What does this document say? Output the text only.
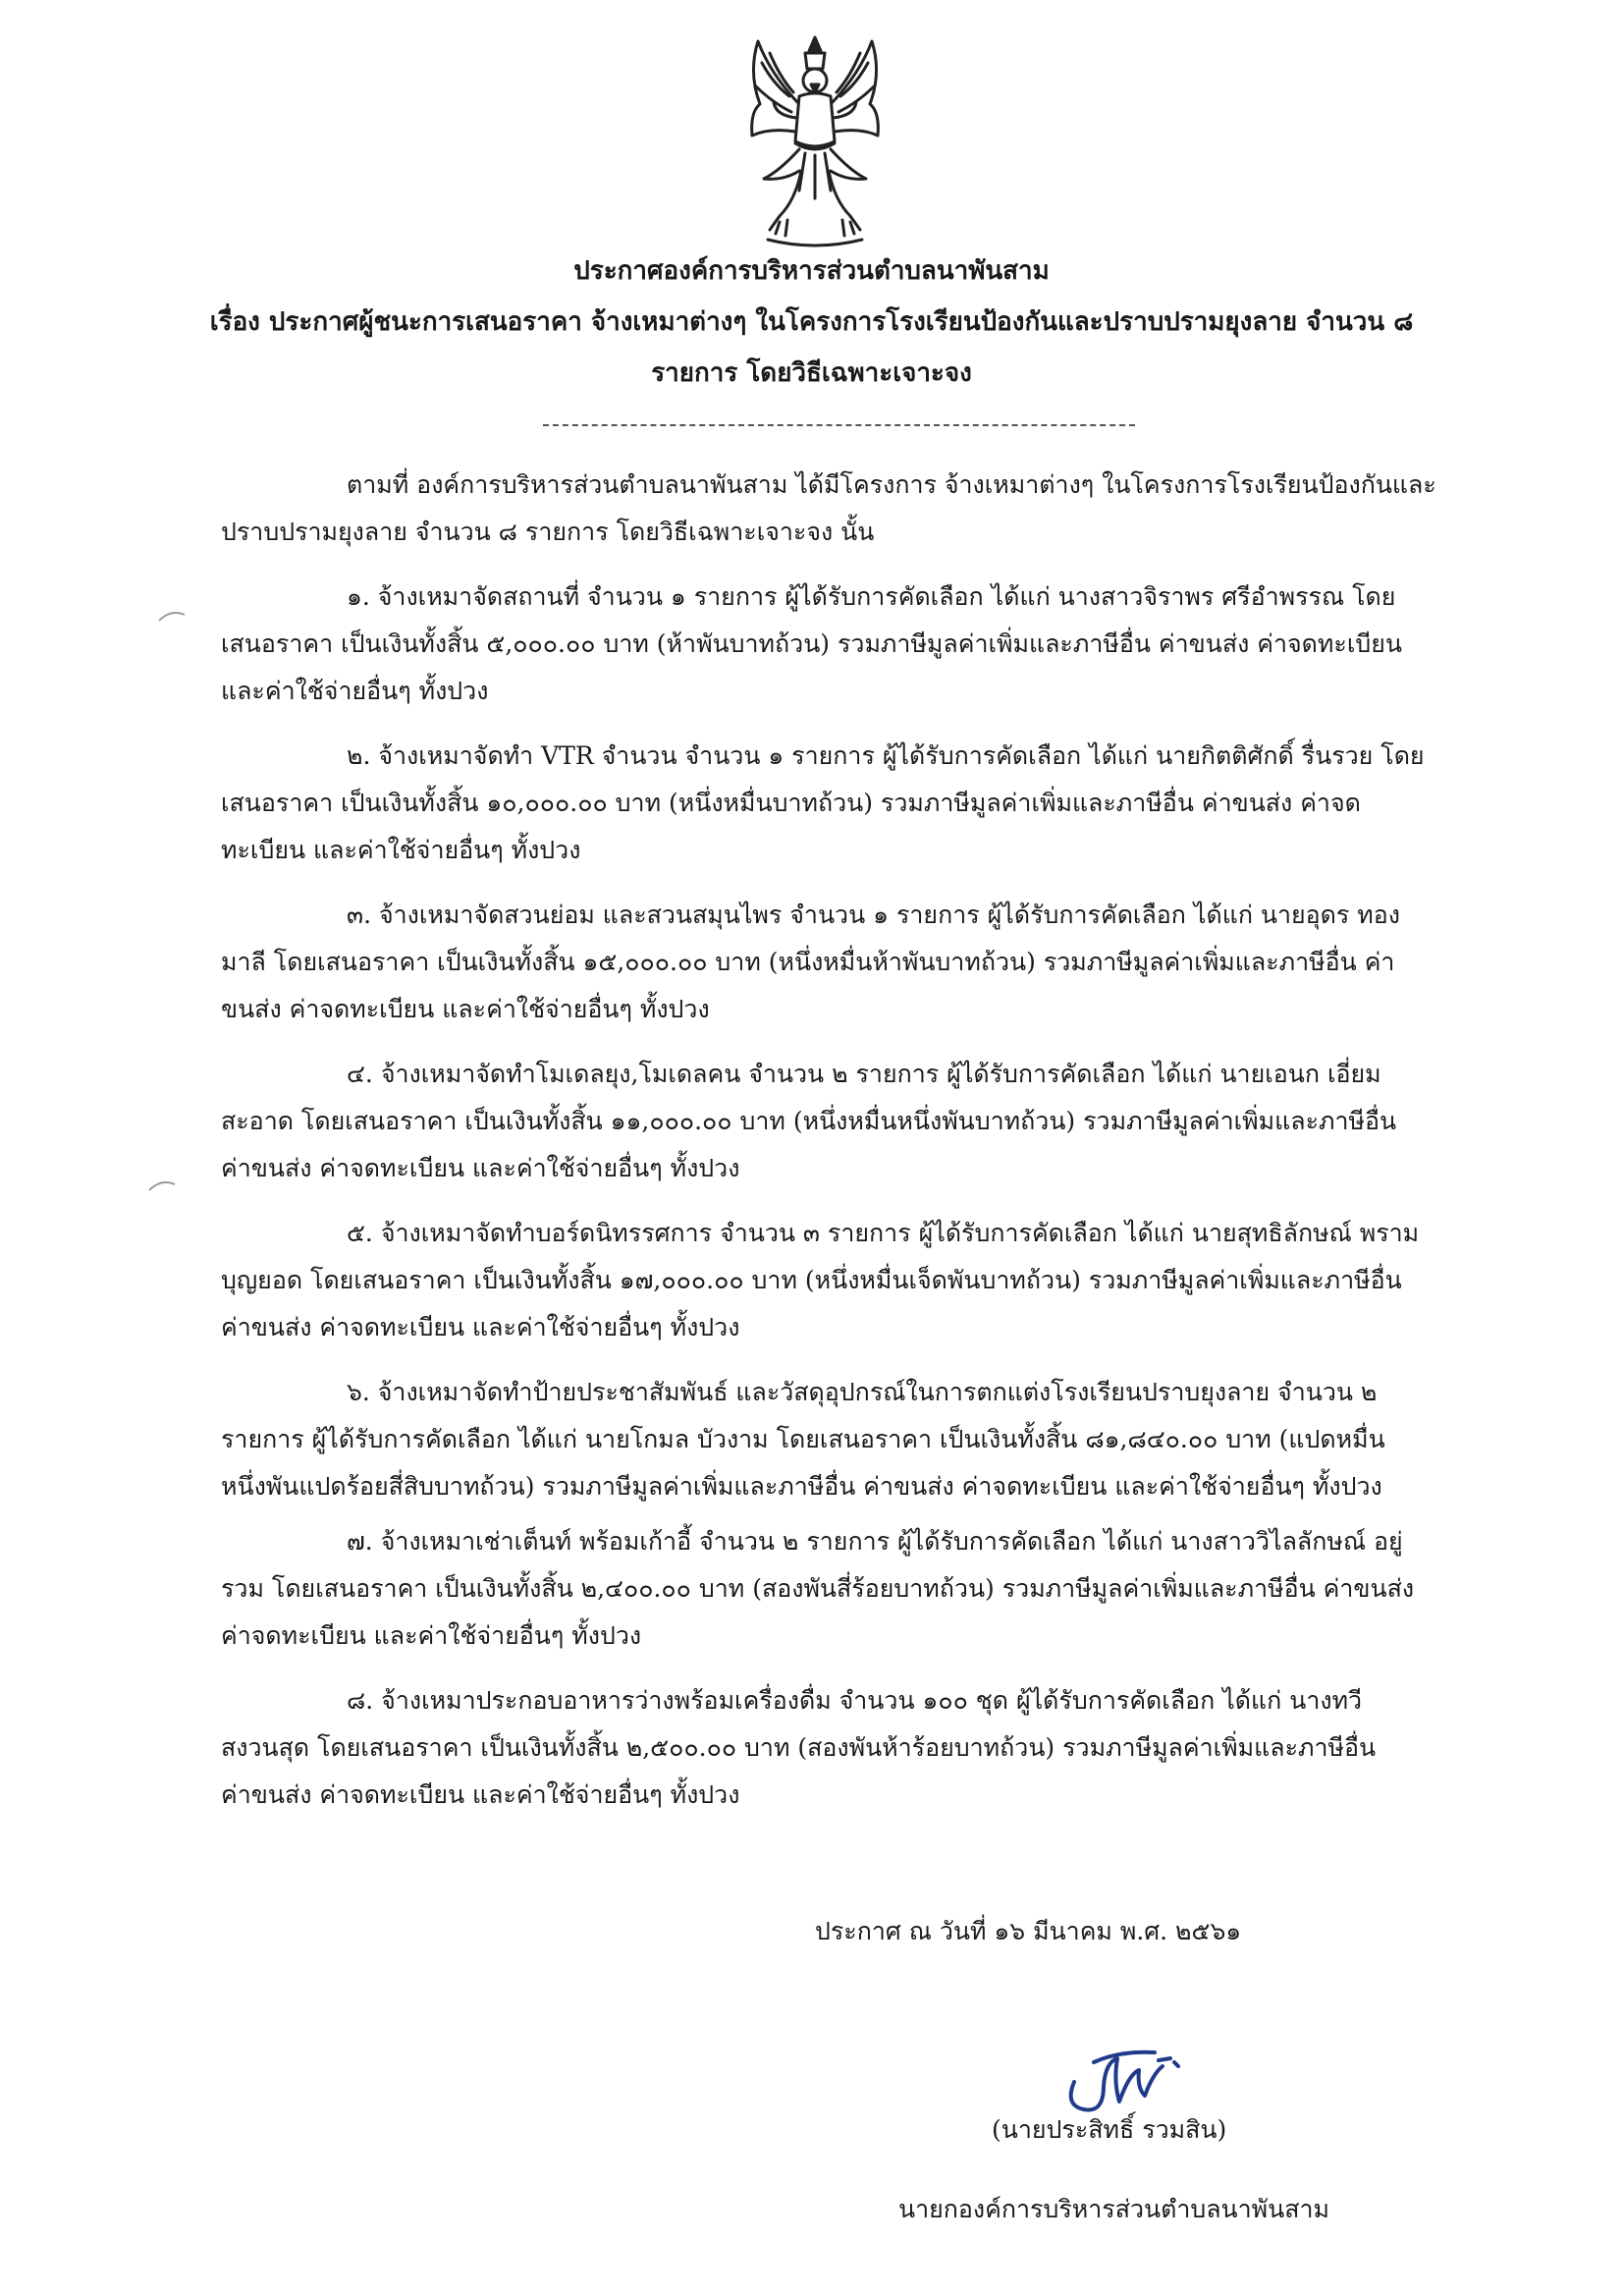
ประกาศองค์การบริหารส่วนตำบลนาพันสาม
เรื่อง ประกาศผู้ชนะการเสนอราคา จ้างเหมาต่างๆ ในโครงการโรงเรียนป้องกันและปราบปรามยุงลาย จำนวน ๘
รายการ โดยวิธีเฉพาะเจาะจง
ตามที่ องค์การบริหารส่วนตำบลนาพันสาม ได้มีโครงการ จ้างเหมาต่างๆ ในโครงการโรงเรียนป้องกันและ
ปราบปรามยุงลาย จำนวน ๘ รายการ โดยวิธีเฉพาะเจาะจง นั้น
๑. จ้างเหมาจัดสถานที่ จำนวน ๑ รายการ ผู้ได้รับการคัดเลือก ได้แก่ นางสาวจิราพร ศรีอำพรรณ โดย
เสนอราคา เป็นเงินทั้งสิ้น ๕,๐๐๐.๐๐ บาท (ห้าพันบาทถ้วน) รวมภาษีมูลค่าเพิ่มและภาษีอื่น ค่าขนส่ง ค่าจดทะเบียน
และค่าใช้จ่ายอื่นๆ ทั้งปวง
๒. จ้างเหมาจัดทำ VTR จำนวน จำนวน ๑ รายการ ผู้ได้รับการคัดเลือก ได้แก่ นายกิตติศักดิ์ รื่นรวย โดย
เสนอราคา เป็นเงินทั้งสิ้น ๑๐,๐๐๐.๐๐ บาท (หนึ่งหมื่นบาทถ้วน) รวมภาษีมูลค่าเพิ่มและภาษีอื่น ค่าขนส่ง ค่าจด
ทะเบียน และค่าใช้จ่ายอื่นๆ ทั้งปวง
๓. จ้างเหมาจัดสวนย่อม และสวนสมุนไพร จำนวน ๑ รายการ ผู้ได้รับการคัดเลือก ได้แก่ นายอุดร ทอง
มาลี โดยเสนอราคา เป็นเงินทั้งสิ้น ๑๕,๐๐๐.๐๐ บาท (หนึ่งหมื่นห้าพันบาทถ้วน) รวมภาษีมูลค่าเพิ่มและภาษีอื่น ค่า
ขนส่ง ค่าจดทะเบียน และค่าใช้จ่ายอื่นๆ ทั้งปวง
๔. จ้างเหมาจัดทำโมเดลยุง,โมเดลคน จำนวน ๒ รายการ ผู้ได้รับการคัดเลือก ได้แก่ นายเอนก เอี่ยม
สะอาด โดยเสนอราคา เป็นเงินทั้งสิ้น ๑๑,๐๐๐.๐๐ บาท (หนึ่งหมื่นหนึ่งพันบาทถ้วน) รวมภาษีมูลค่าเพิ่มและภาษีอื่น
ค่าขนส่ง ค่าจดทะเบียน และค่าใช้จ่ายอื่นๆ ทั้งปวง
๕. จ้างเหมาจัดทำบอร์ดนิทรรศการ จำนวน ๓ รายการ ผู้ได้รับการคัดเลือก ได้แก่ นายสุทธิลักษณ์ พราม
บุญยอด โดยเสนอราคา เป็นเงินทั้งสิ้น ๑๗,๐๐๐.๐๐ บาท (หนึ่งหมื่นเจ็ดพันบาทถ้วน) รวมภาษีมูลค่าเพิ่มและภาษีอื่น
ค่าขนส่ง ค่าจดทะเบียน และค่าใช้จ่ายอื่นๆ ทั้งปวง
๖. จ้างเหมาจัดทำป้ายประชาสัมพันธ์ และวัสดุอุปกรณ์ในการตกแต่งโรงเรียนปราบยุงลาย จำนวน ๒
รายการ ผู้ได้รับการคัดเลือก ได้แก่ นายโกมล บัวงาม โดยเสนอราคา เป็นเงินทั้งสิ้น ๘๑,๘๔๐.๐๐ บาท (แปดหมื่น
หนึ่งพันแปดร้อยสี่สิบบาทถ้วน) รวมภาษีมูลค่าเพิ่มและภาษีอื่น ค่าขนส่ง ค่าจดทะเบียน และค่าใช้จ่ายอื่นๆ ทั้งปวง
๗. จ้างเหมาเช่าเต็นท์ พร้อมเก้าอี้ จำนวน ๒ รายการ ผู้ได้รับการคัดเลือก ได้แก่ นางสาววิไลลักษณ์ อยู่
รวม โดยเสนอราคา เป็นเงินทั้งสิ้น ๒,๔๐๐.๐๐ บาท (สองพันสี่ร้อยบาทถ้วน) รวมภาษีมูลค่าเพิ่มและภาษีอื่น ค่าขนส่ง
ค่าจดทะเบียน และค่าใช้จ่ายอื่นๆ ทั้งปวง
๘. จ้างเหมาประกอบอาหารว่างพร้อมเครื่องดื่ม จำนวน ๑๐๐ ชุด ผู้ได้รับการคัดเลือก ได้แก่ นางทวี
สงวนสุด โดยเสนอราคา เป็นเงินทั้งสิ้น ๒,๕๐๐.๐๐ บาท (สองพันห้าร้อยบาทถ้วน) รวมภาษีมูลค่าเพิ่มและภาษีอื่น
ค่าขนส่ง ค่าจดทะเบียน และค่าใช้จ่ายอื่นๆ ทั้งปวง
ประกาศ ณ วันที่ ๑๖ มีนาคม พ.ศ. ๒๕๖๑
(นายประสิทธิ์ รวมสิน)
นายกองค์การบริหารส่วนตำบลนาพันสาม
